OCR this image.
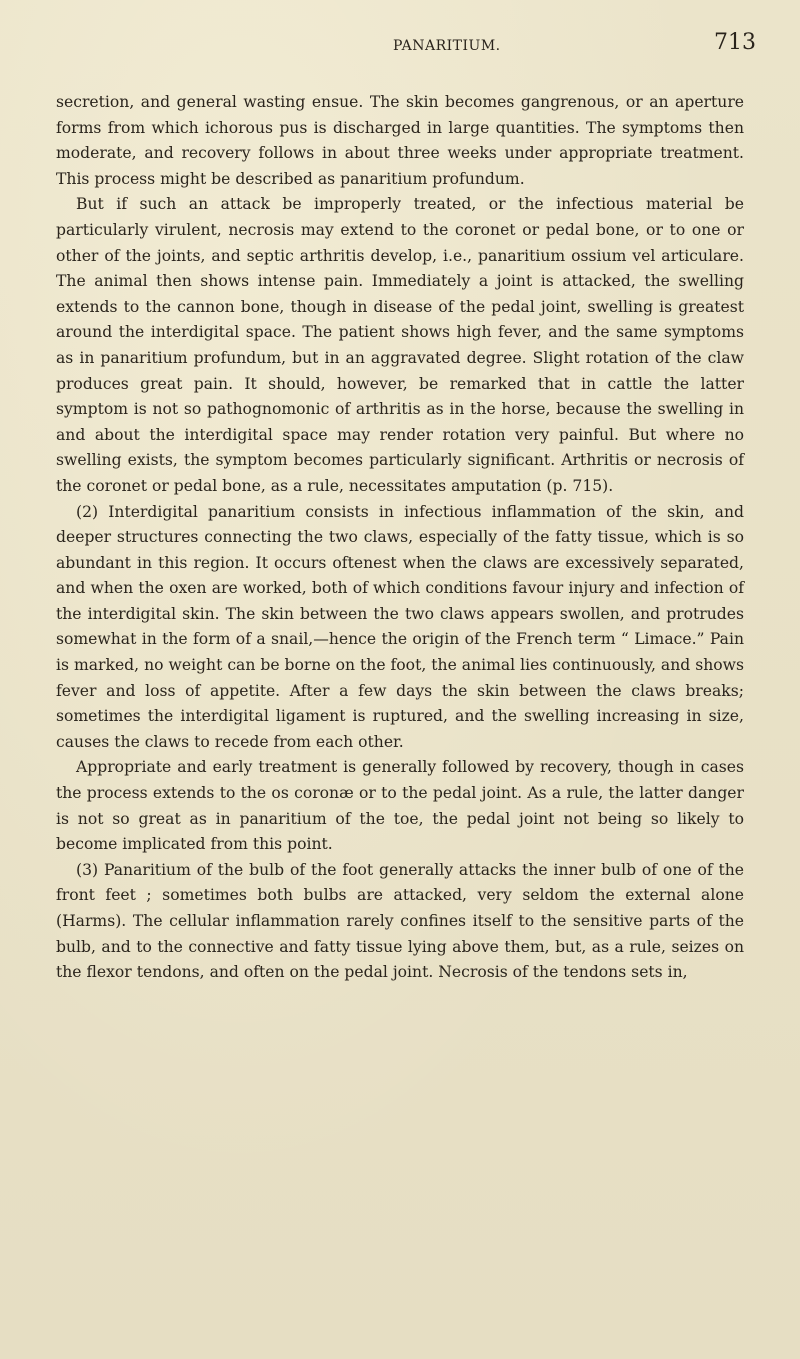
PANARITIUM.	713

secretion, and general wasting ensue. The skin becomes gangrenous, or an aperture forms from which ichorous pus is discharged in large quantities. The symptoms then moderate, and recovery follows in about three weeks under appropriate treatment. This process might be described as panaritium profundum.

But if such an attack be improperly treated, or the infectious material be particularly virulent, necrosis may extend to the coronet or pedal bone, or to one or other of the joints, and septic arthritis develop, i.e., panaritium ossium vel articulare. The animal then shows intense pain. Immediately a joint is attacked, the swelling extends to the cannon bone, though in disease of the pedal joint, swelling is greatest around the interdigital space. The patient shows high fever, and the same symptoms as in panaritium profundum, but in an aggravated degree. Slight rotation of the claw produces great pain. It should, however, be remarked that in cattle the latter symptom is not so pathognomonic of arthritis as in the horse, because the swelling in and about the interdigital space may render rotation very painful. But where no swelling exists, the symptom becomes particularly significant. Arthritis or necrosis of the coronet or pedal bone, as a rule, necessitates amputation (p. 715).

(2) Interdigital panaritium consists in infectious inflammation of the skin, and deeper structures connecting the two claws, especially of the fatty tissue, which is so abundant in this region. It occurs oftenest when the claws are excessively separated, and when the oxen are worked, both of which conditions favour injury and infection of the interdigital skin. The skin between the two claws appears swollen, and protrudes somewhat in the form of a snail,—hence the origin of the French term “ Limace.” Pain is marked, no weight can be borne on the foot, the animal lies continuously, and shows fever and loss of appetite. After a few days the skin between the claws breaks; sometimes the interdigital ligament is ruptured, and the swelling increasing in size, causes the claws to recede from each other.

Appropriate and early treatment is generally followed by recovery, though in cases the process extends to the os coronæ or to the pedal joint. As a rule, the latter danger is not so great as in panaritium of the toe, the pedal joint not being so likely to become implicated from this point.

(3) Panaritium of the bulb of the foot generally attacks the inner bulb of one of the front feet ; sometimes both bulbs are attacked, very seldom the external alone (Harms). The cellular inflammation rarely confines itself to the sensitive parts of the bulb, and to the connective and fatty tissue lying above them, but, as a rule, seizes on the flexor tendons, and often on the pedal joint. Necrosis of the tendons sets in,
